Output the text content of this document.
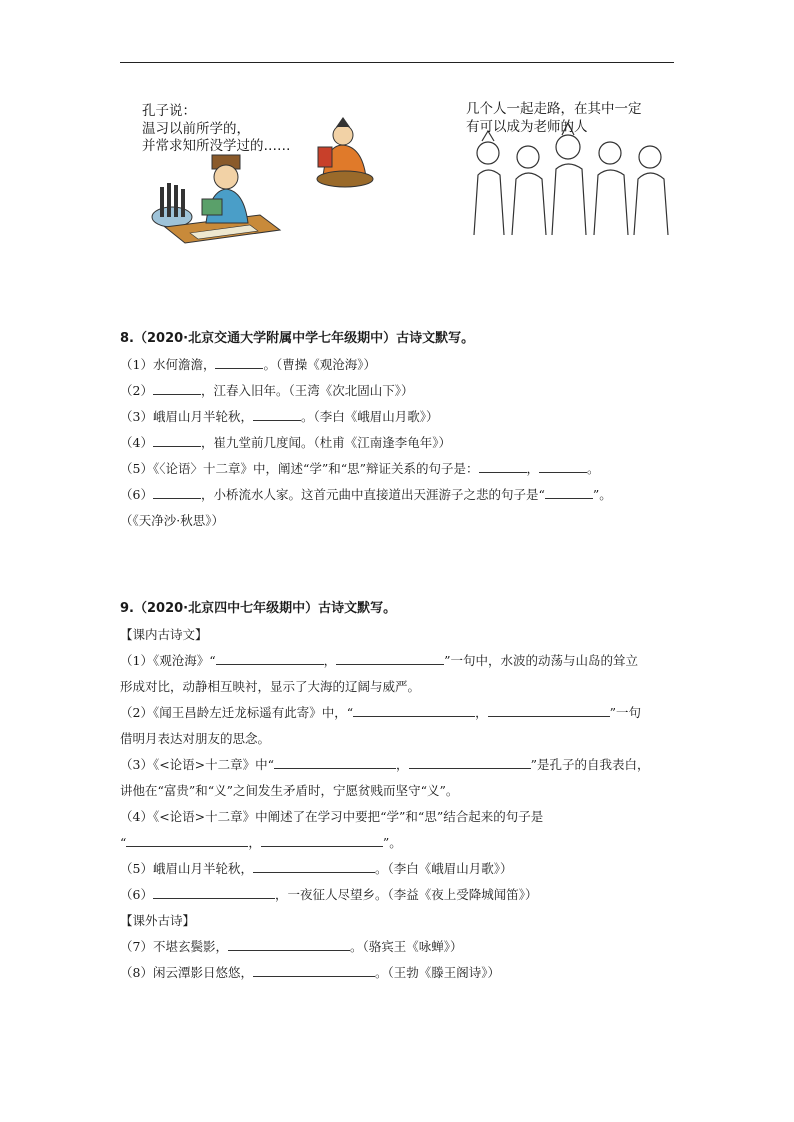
孔子说：
温习以前所学的，
并常求知所没学过的……
几个人一起走路，在其中一定
有可以成为老师的人
8.（2020·北京交通大学附属中学七年级期中）古诗文默写。
（1）水何澹澹，	。（曹操《观沧海》）
（2）	，江春入旧年。（王湾《次北固山下》）
（3）峨眉山月半轮秋，	。（李白《峨眉山月歌》）
（4）	，崔九堂前几度闻。（杜甫《江南逢李龟年》）
（5）《〈论语〉十二章》中，阐述“学”和“思”辩证关系的句子是：	，	。
（6）	，小桥流水人家。这首元曲中直接道出天涯游子之悲的句子是“	”。
（《天净沙·秋思》）
9.（2020·北京四中七年级期中）古诗文默写。
【课内古诗文】
（1）《观沧海》“	，	”一句中，水波的动荡与山岛的耸立
形成对比，动静相互映衬，显示了大海的辽阔与威严。
（2）《闻王昌龄左迁龙标遥有此寄》中，“	，	”一句
借明月表达对朋友的思念。
（3）《<论语>十二章》中“	，	”是孔子的自我表白，
讲他在“富贵”和“义”之间发生矛盾时，宁愿贫贱而坚守“义”。
（4）《<论语>十二章》中阐述了在学习中要把“学”和“思”结合起来的句子是
“	，	”。
（5）峨眉山月半轮秋，	。（李白《峨眉山月歌》）
（6）	，一夜征人尽望乡。（李益《夜上受降城闻笛》）
【课外古诗】
（7）不堪玄鬓影，	。（骆宾王《咏蝉》）
（8）闲云潭影日悠悠，	。（王勃《滕王阁诗》）
